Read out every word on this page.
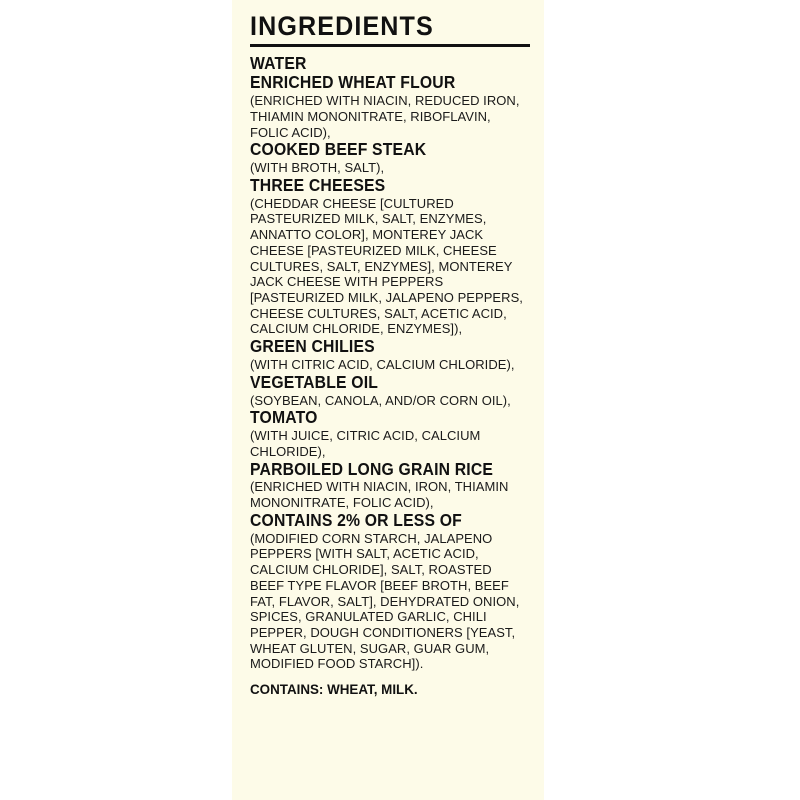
INGREDIENTS
WATER
ENRICHED WHEAT FLOUR
(ENRICHED WITH NIACIN, REDUCED IRON, THIAMIN MONONITRATE, RIBOFLAVIN, FOLIC ACID),
COOKED BEEF STEAK
(WITH BROTH, SALT),
THREE CHEESES
(CHEDDAR CHEESE [CULTURED PASTEURIZED MILK, SALT, ENZYMES, ANNATTO COLOR], MONTEREY JACK CHEESE [PASTEURIZED MILK, CHEESE CULTURES, SALT, ENZYMES], MONTEREY JACK CHEESE WITH PEPPERS [PASTEURIZED MILK, JALAPENO PEPPERS, CHEESE CULTURES, SALT, ACETIC ACID, CALCIUM CHLORIDE, ENZYMES]),
GREEN CHILIES
(WITH CITRIC ACID, CALCIUM CHLORIDE),
VEGETABLE OIL
(SOYBEAN, CANOLA, AND/OR CORN OIL),
TOMATO
(WITH JUICE, CITRIC ACID, CALCIUM CHLORIDE),
PARBOILED LONG GRAIN RICE
(ENRICHED WITH NIACIN, IRON, THIAMIN MONONITRATE, FOLIC ACID),
CONTAINS 2% OR LESS OF
(MODIFIED CORN STARCH, JALAPENO PEPPERS [WITH SALT, ACETIC ACID, CALCIUM CHLORIDE], SALT, ROASTED BEEF TYPE FLAVOR [BEEF BROTH, BEEF FAT, FLAVOR, SALT], DEHYDRATED ONION, SPICES, GRANULATED GARLIC, CHILI PEPPER, DOUGH CONDITIONERS [YEAST, WHEAT GLUTEN, SUGAR, GUAR GUM, MODIFIED FOOD STARCH]).
CONTAINS: WHEAT, MILK.
